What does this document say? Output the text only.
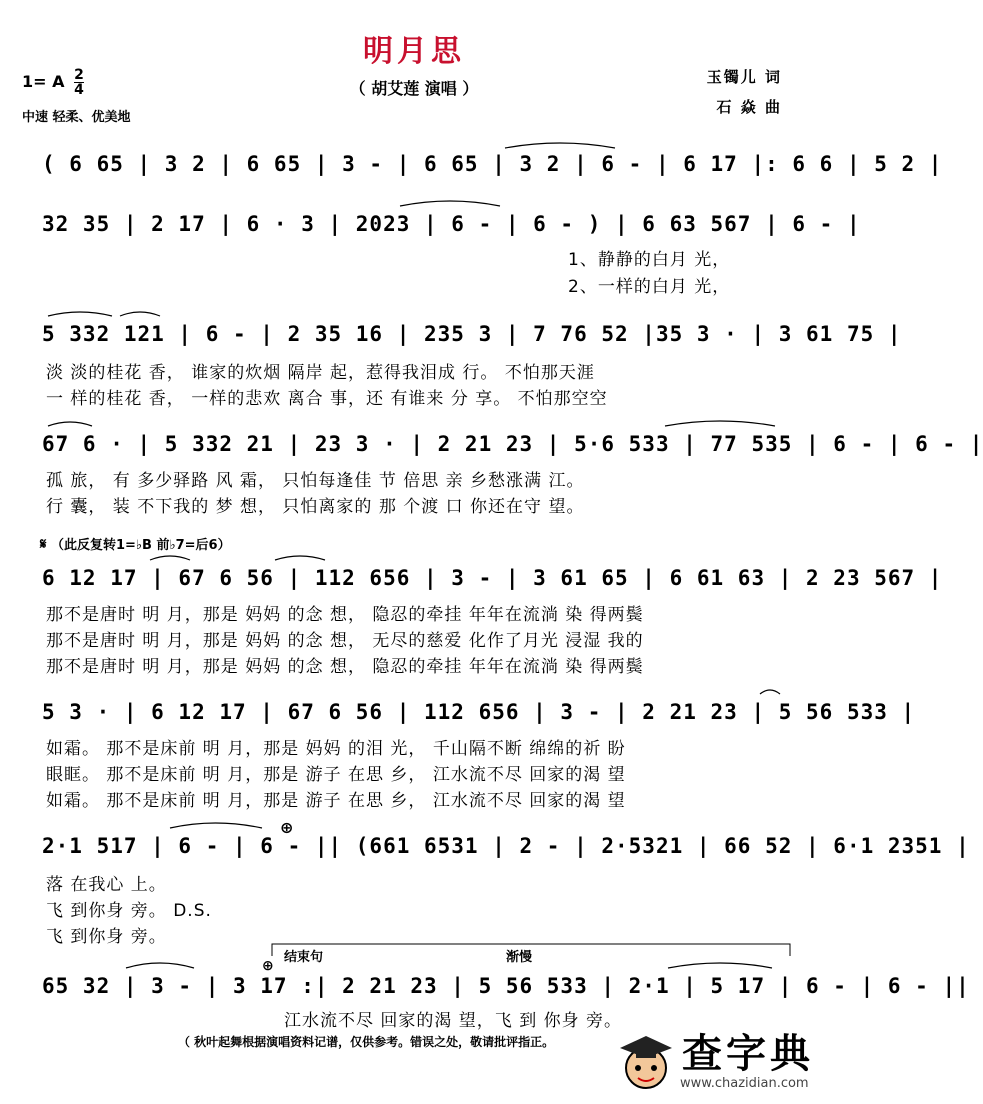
明月思
（ 胡艾莲 演唱 ）
1= A $\frac{2}{4}$
中速 轻柔、优美地
玉镯儿 词
石 焱 曲
( 6 65 | 3 2 | 6 65 | 3 - | 6 65 | 3 2 | 6 - | 6 17 |: 6 6 | 5 2 |
32 35 | 2 17 | 6 · 3 | 2023 | 6 - | 6 - ) | 6 63 567 | 6 - |
1、静静的白月 光，
2、一样的白月 光，
5 332 121 | 6 - | 2 35 16 | 235 3 | 7 76 52 |35 3 · | 3 61 75 |
淡 淡的桂花 香， 谁家的炊烟 隔岸 起，惹得我泪成 行。 不怕那天涯
一 样的桂花 香， 一样的悲欢 离合 事，还 有谁来 分 享。 不怕那空空
67 6 · | 5 332 21 | 23 3 · | 2 21 23 | 5·6 533 | 77 535 | 6 - | 6 - |
孤 旅， 有 多少驿路 风 霜， 只怕每逢佳 节 倍思 亲 乡愁涨满 江。
行 囊， 装 不下我的 梦 想， 只怕离家的 那 个渡 口 你还在守 望。
𝄋 （此反复转1=♭B 前♭7=后6）
6 12 17 | 67 6 56 | 112 656 | 3 - | 3 61 65 | 6 61 63 | 2 23 567 |
那不是唐时 明 月，那是 妈妈 的念 想， 隐忍的牵挂 年年在流淌 染 得两鬓
那不是唐时 明 月，那是 妈妈 的念 想， 无尽的慈爱 化作了月光 浸湿 我的
那不是唐时 明 月，那是 妈妈 的念 想， 隐忍的牵挂 年年在流淌 染 得两鬓
5 3 · | 6 12 17 | 67 6 56 | 112 656 | 3 - | 2 21 23 | 5 56 533 |
如霜。 那不是床前 明 月，那是 妈妈 的泪 光， 千山隔不断 绵绵的祈 盼
眼眶。 那不是床前 明 月，那是 游子 在思 乡， 江水流不尽 回家的渴 望
如霜。 那不是床前 明 月，那是 游子 在思 乡， 江水流不尽 回家的渴 望
⊕
2·1 517 | 6 - | 6 - || (661 6531 | 2 - | 2·5321 | 66 52 | 6·1 2351 |
落 在我心 上。
飞 到你身 旁。 D.S.
飞 到你身 旁。
结束句	渐慢
⊕
65 32 | 3 - | 3 17 :| 2 21 23 | 5 56 533 | 2·1 | 5 17 | 6 - | 6 - ||
江水流不尽 回家的渴 望，飞 到 你身 旁。
（ 秋叶起舞根据演唱资料记谱，仅供参考。错误之处，敬请批评指正。	查字典
www.chazidian.com
